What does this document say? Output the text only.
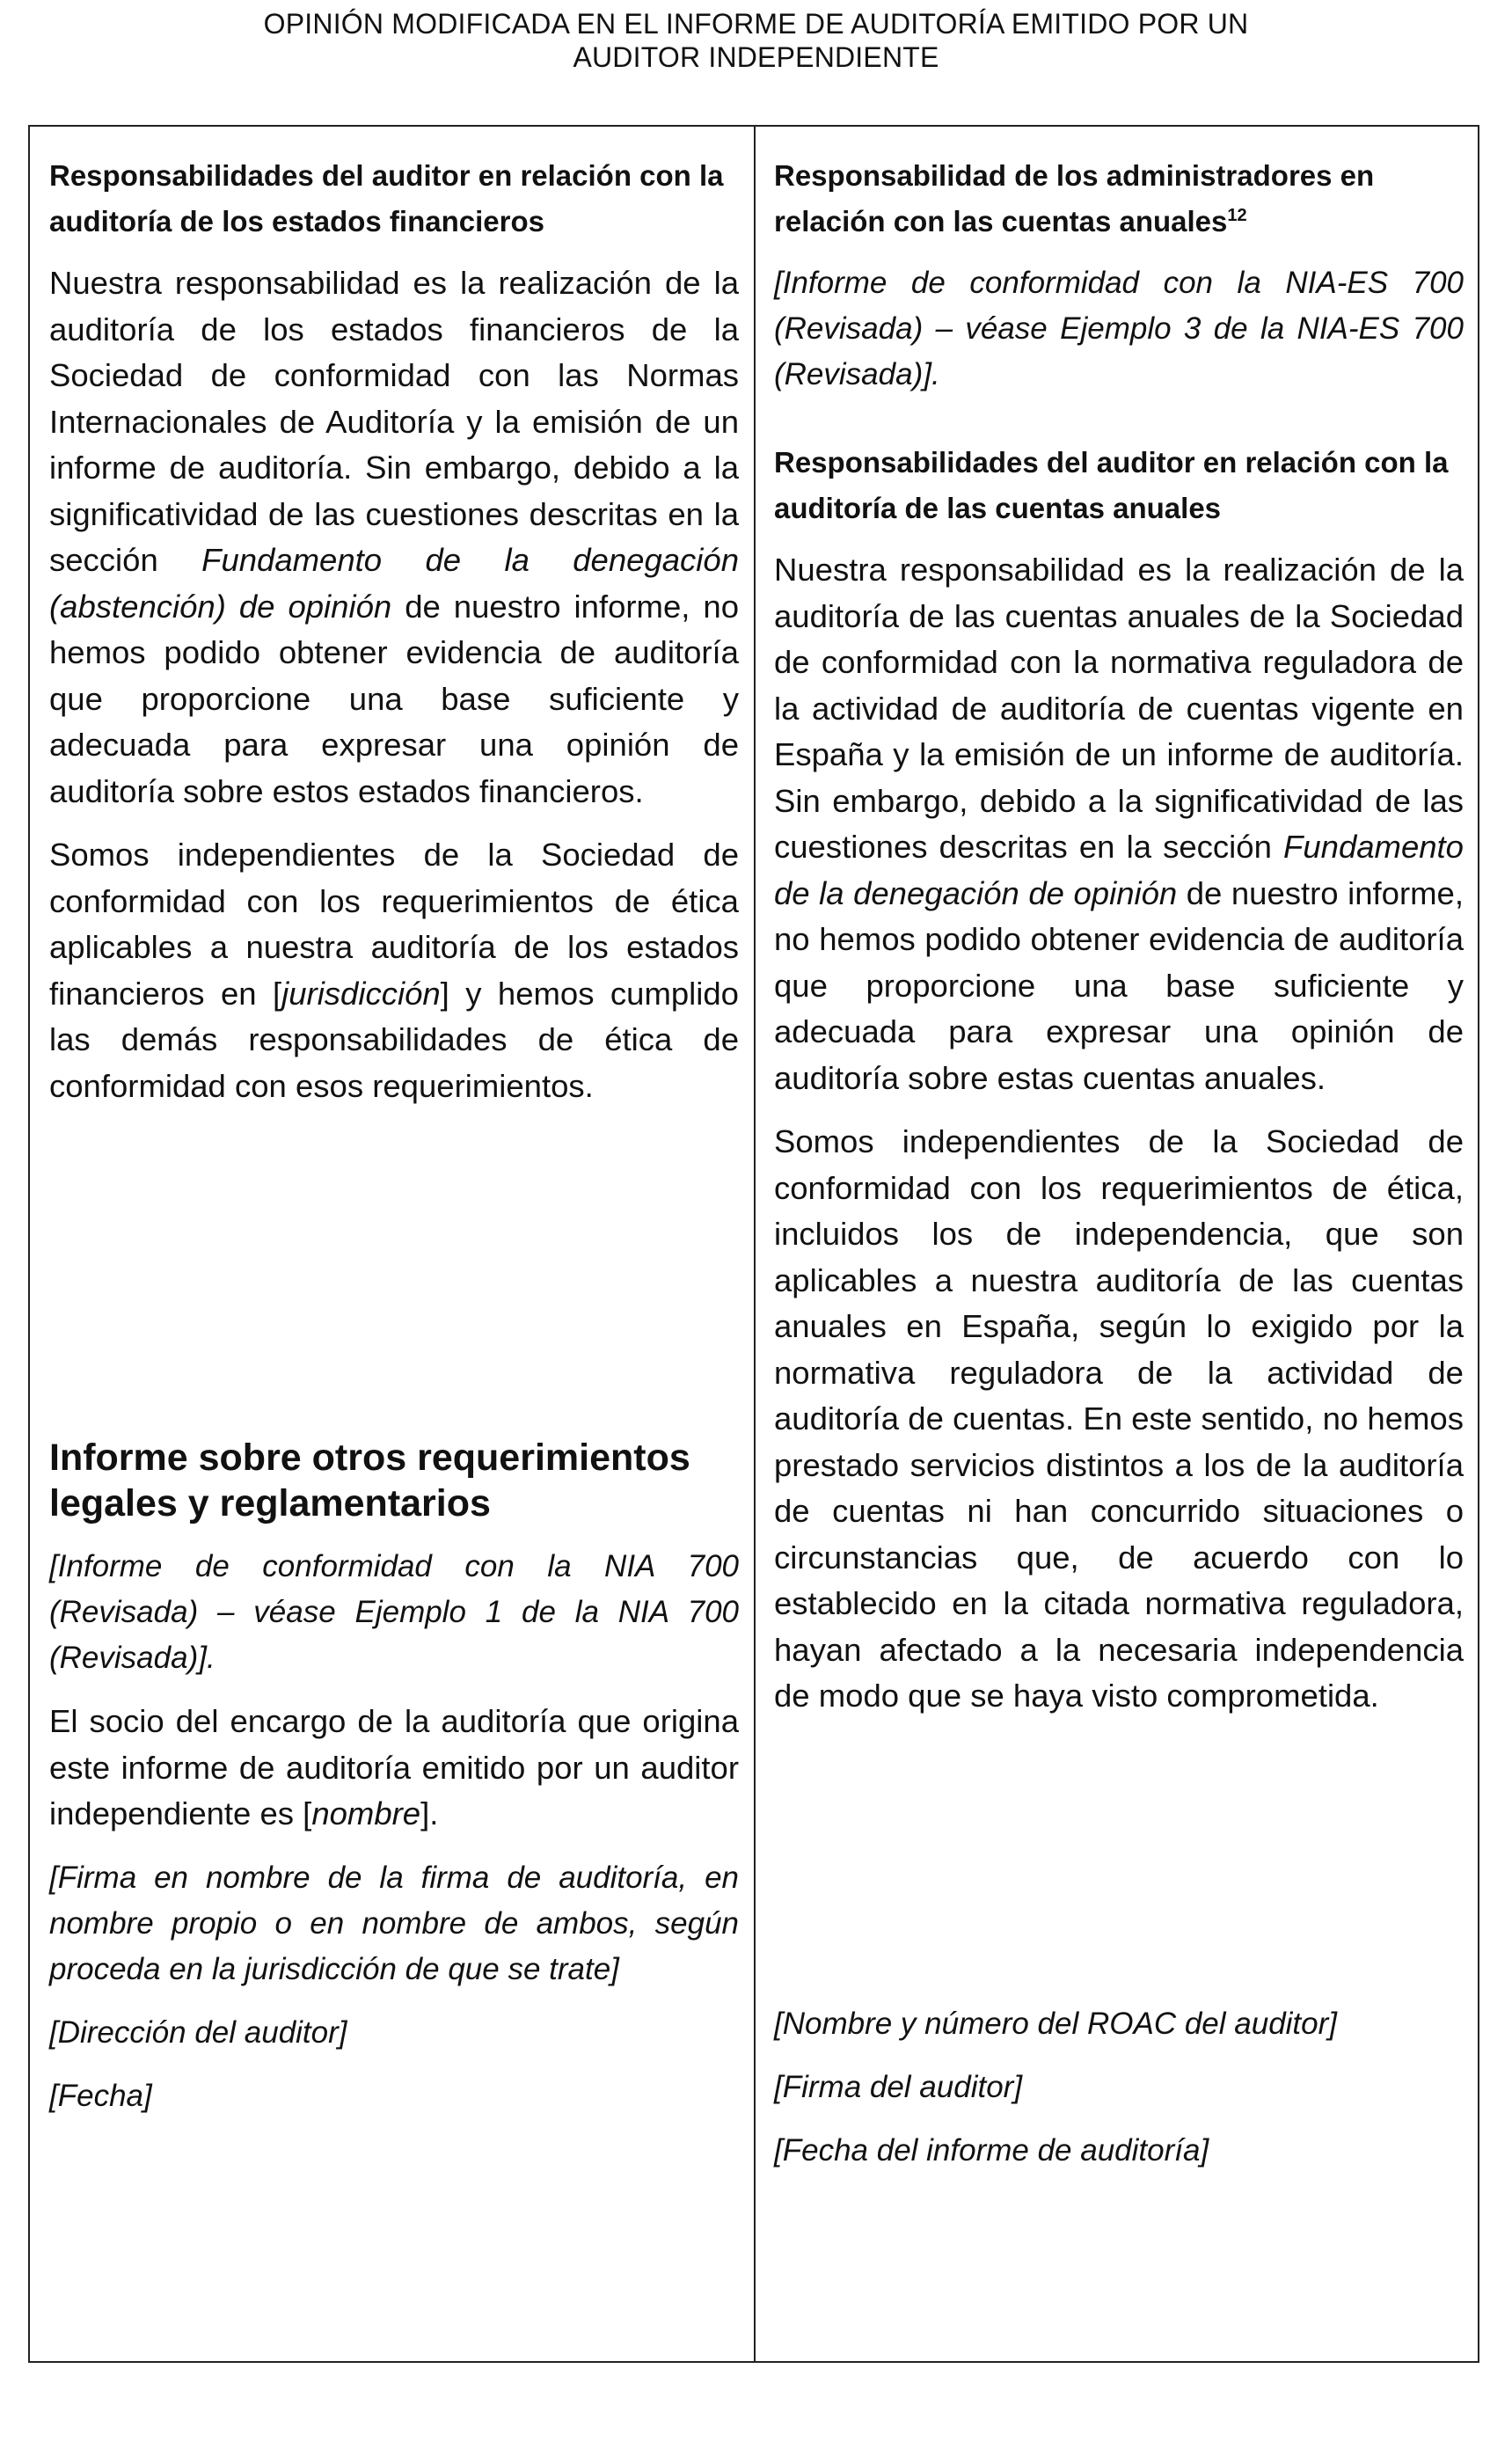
OPINIÓN MODIFICADA EN EL INFORME DE AUDITORÍA EMITIDO POR UN
AUDITOR INDEPENDIENTE

Responsabilidades del auditor en relación con la auditoría de los estados financieros

Nuestra responsabilidad es la realización de la auditoría de los estados financieros de la Sociedad de conformidad con las Normas Internacionales de Auditoría y la emisión de un informe de auditoría. Sin embargo, debido a la significatividad de las cuestiones descritas en la sección Fundamento de la denegación (abstención) de opinión de nuestro informe, no hemos podido obtener evidencia de auditoría que proporcione una base suficiente y adecuada para expresar una opinión de auditoría sobre estos estados financieros.

Somos independientes de la Sociedad de conformidad con los requerimientos de ética aplicables a nuestra auditoría de los estados financieros en [jurisdicción] y hemos cumplido las demás responsabilidades de ética de conformidad con esos requerimientos.

Informe sobre otros requerimientos legales y reglamentarios

[Informe de conformidad con la NIA 700 (Revisada) – véase Ejemplo 1 de la NIA 700 (Revisada)].

El socio del encargo de la auditoría que origina este informe de auditoría emitido por un auditor independiente es [nombre].

[Firma en nombre de la firma de auditoría, en nombre propio o en nombre de ambos, según proceda en la jurisdicción de que se trate]

[Dirección del auditor]

[Fecha]

Responsabilidad de los administradores en relación con las cuentas anuales$^{12}$

[Informe de conformidad con la NIA-ES 700 (Revisada) – véase Ejemplo 3 de la NIA-ES 700 (Revisada)].

Responsabilidades del auditor en relación con la auditoría de las cuentas anuales

Nuestra responsabilidad es la realización de la auditoría de las cuentas anuales de la Sociedad de conformidad con la normativa reguladora de la actividad de auditoría de cuentas vigente en España y la emisión de un informe de auditoría. Sin embargo, debido a la significatividad de las cuestiones descritas en la sección Fundamento de la denegación de opinión de nuestro informe, no hemos podido obtener evidencia de auditoría que proporcione una base suficiente y adecuada para expresar una opinión de auditoría sobre estas cuentas anuales.

Somos independientes de la Sociedad de conformidad con los requerimientos de ética, incluidos los de independencia, que son aplicables a nuestra auditoría de las cuentas anuales en España, según lo exigido por la normativa reguladora de la actividad de auditoría de cuentas. En este sentido, no hemos prestado servicios distintos a los de la auditoría de cuentas ni han concurrido situaciones o circunstancias que, de acuerdo con lo establecido en la citada normativa reguladora, hayan afectado a la necesaria independencia de modo que se haya visto comprometida.

[Nombre y número del ROAC del auditor]

[Firma del auditor]

[Fecha del informe de auditoría]
